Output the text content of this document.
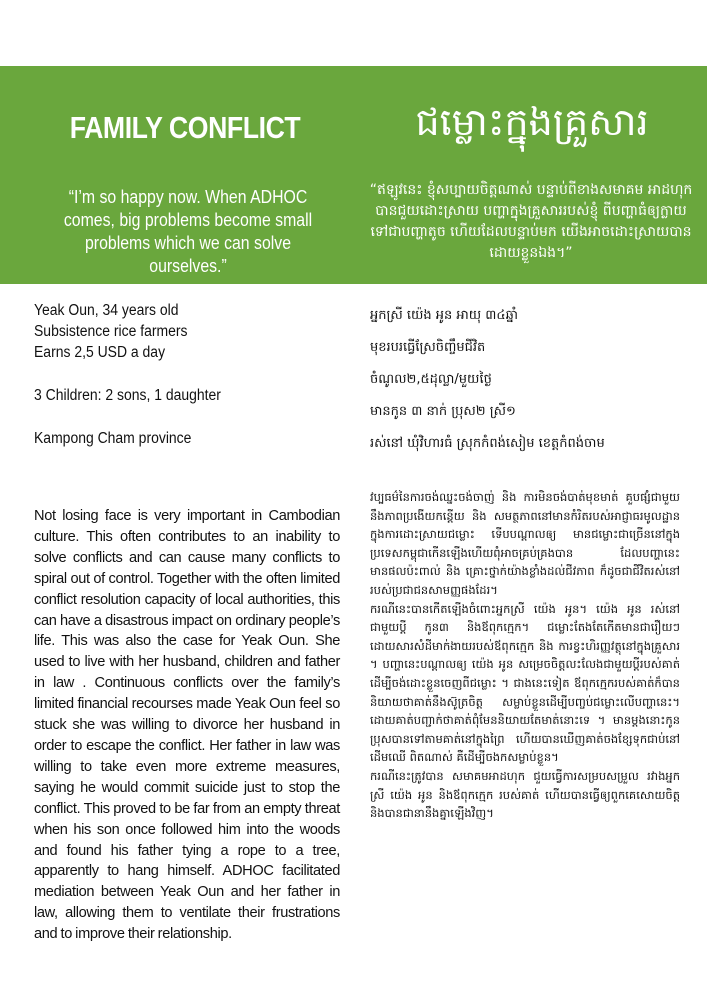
FAMILY CONFLICT	ជម្លោះក្នុងគ្រួសារ
“I’m so happy now. When ADHOC comes, big problems become small problems which we can solve ourselves.”
“ឥឡូវនេះ ខ្ញុំសប្បាយចិត្តណាស់ បន្ទាប់ពីខាងសមាគម អាដហុកបានជួយដោះស្រាយ បញ្ហាក្នុងគ្រួសាររបស់ខ្ញុំ ពីបញ្ហាធំឲ្យក្លាយទៅជាបញ្ហាតូច ហើយដែលបន្ទាប់មក យើងអាចដោះស្រាយបានដោយខ្លួនឯង។”
Yeak Oun, 34 years old
Subsistence rice farmers
Earns 2,5 USD a day
3 Children: 2 sons, 1 daughter
Kampong Cham province
Not losing face is very important in Cambodian culture. This often contributes to an inability to solve conflicts and can cause many conflicts to spiral out of control. Together with the often limited conflict resolution capacity of local authorities, this can have a disastrous impact on ordinary people’s life. This was also the case for Yeak Oun. She used to live with her husband, children and father in law . Continuous conflicts over the family’s limited financial recourses made Yeak Oun feel so stuck she was willing to divorce her husband in order to escape the conflict. Her father in law was willing to take even more extreme measures, saying he would commit suicide just to stop the conflict. This proved to be far from an empty threat when his son once followed him into the woods and found his father tying a rope to a tree, apparently to hang himself. ADHOC facilitated mediation between Yeak Oun and her father in law, allowing them to ventilate their frustrations and to improve their relationship.
អ្នកស្រី យ៉េង អូន អាយុ ៣៤ឆ្នាំ
មុខរបរធ្វើស្រែចិញ្ចឹមជីវិត
ចំណូល២,៥ដុល្លា/មួយថ្ងៃ
មានកូន ៣ នាក់ ប្រុស២ ស្រី១
រស់នៅ ឃុំវិហារធំ ស្រុកកំពង់សៀម ខេត្តកំពង់ចាម

វប្បធម៌នៃការចង់ឈ្នះចង់ចាញ់ និង ការមិនចង់បាត់មុខមាត់ គួបផ្សំជាមួយនឹងភាពប្រងើយកន្តើយ និង សមត្ថភាពនៅមានកំរិតរបស់អាជ្ញាធរមូលដ្ឋាន ក្នុងការដោះស្រាយជម្លោះ ទើបបណ្តាលឲ្យ មានជម្លោះជាច្រើននៅក្នុងប្រទេសកម្ពុជាកើនឡើងហើយពុំអាចគ្រប់គ្រងបាន ដែលបញ្ហានេះមានផលប៉ះពាល់ និង គ្រោះថ្នាក់យ៉ាងខ្លាំងដល់ជីវភាព ក៏ដូចជាជីវិតរស់នៅរបស់ប្រជាជនសាមញ្ញផងដែរ។

ករណីនេះបានកើតឡើងចំពោះអ្នកស្រី យ៉េង អូន។ យ៉េង អូន រស់នៅជាមួយប្តី កូន៣ និងឪពុកក្មេក។ ជម្លោះតែងតែកើតមានជារឿយៗដោយសារសំដីមាក់ងាយរបស់ឪពុកក្មេក និង ការខ្វះហិរញ្ញវត្ថុនៅក្នុងគ្រួសារ ។ បញ្ហានេះបណ្តាលឲ្យ យ៉េង អូន សម្រេចចិត្តលះលែងជាមួយប្តីរបស់គាត់ដើម្បីចង់ដោះខ្លួនចេញពីជម្លោះ ។ ជាងនេះទៀត ឪពុកក្មេករបស់គាត់ក៏បាននិយាយថាគាត់នឹងស៊ូត្រចិត្ត សម្លាប់ខ្លួនដើម្បីបញ្ចប់ជម្លោះលើបញ្ហានេះ។ដោយគាត់បញ្ជាក់ថាគាត់ពុំមែននិយាយតែមាត់នោះទេ ។ មានម្តងនោះកូនប្រុសបានទៅតាមគាត់នៅក្នុងព្រៃ ហើយបានឃើញគាត់ចងខ្សែទុកជាប់នៅដើមឈើ ពិតណាស់ គឺដើម្បីចងកសម្លាប់ខ្លួន។

ករណីនេះត្រូវបាន សមាគមអាដហុក ជួយធ្វើការសម្របសម្រួល រវាងអ្នកស្រី យ៉េង អូន និងឪពុកក្មេក របស់គាត់ ហើយបានធ្វើឲ្យពួកគេសោយចិត្ត និងបានជានានឹងគ្នាឡើងវិញ។
